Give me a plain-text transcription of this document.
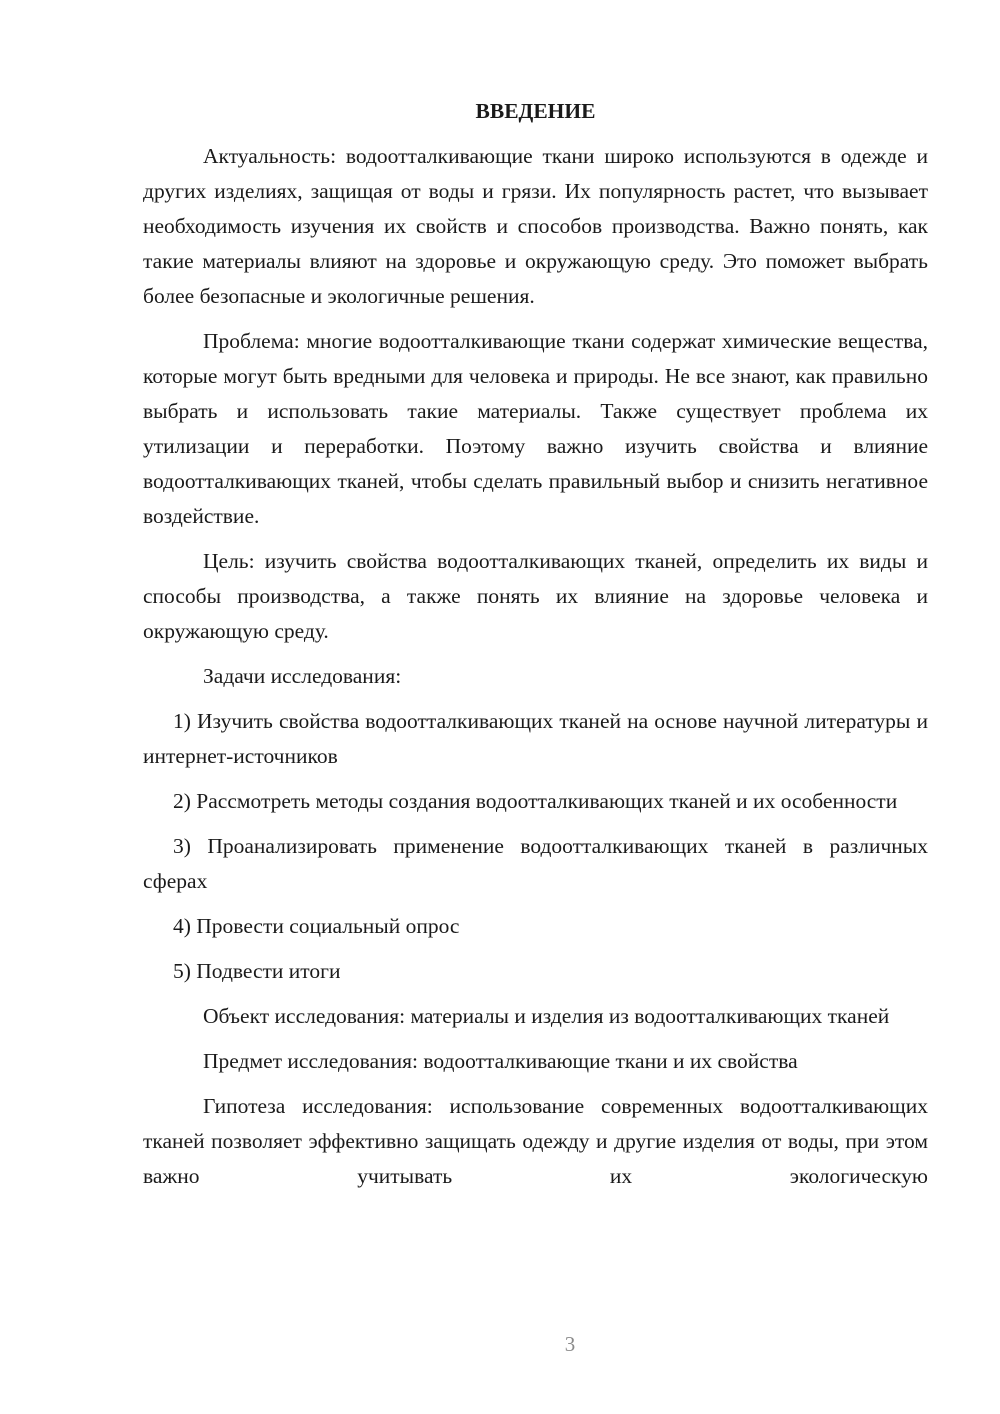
ВВЕДЕНИЕ

Актуальность: водоотталкивающие ткани широко используются в одежде и других изделиях, защищая от воды и грязи. Их популярность растет, что вызывает необходимость изучения их свойств и способов производства. Важно понять, как такие материалы влияют на здоровье и окружающую среду. Это поможет выбрать более безопасные и экологичные решения.

Проблема: многие водоотталкивающие ткани содержат химические вещества, которые могут быть вредными для человека и природы. Не все знают, как правильно выбрать и использовать такие материалы. Также существует проблема их утилизации и переработки. Поэтому важно изучить свойства и влияние водоотталкивающих тканей, чтобы сделать правильный выбор и снизить негативное воздействие.

Цель: изучить свойства водоотталкивающих тканей, определить их виды и способы производства, а также понять их влияние на здоровье человека и окружающую среду.

Задачи исследования:

1) Изучить свойства водоотталкивающих тканей на основе научной литературы и интернет-источников

2) Рассмотреть методы создания водоотталкивающих тканей и их особенности

3) Проанализировать применение водоотталкивающих тканей в различных сферах

4) Провести социальный опрос

5) Подвести итоги

Объект исследования: материалы и изделия из водоотталкивающих тканей

Предмет исследования: водоотталкивающие ткани и их свойства

Гипотеза исследования: использование современных водоотталкивающих тканей позволяет эффективно защищать одежду и другие изделия от воды, при этом важно учитывать их экологическую

3
